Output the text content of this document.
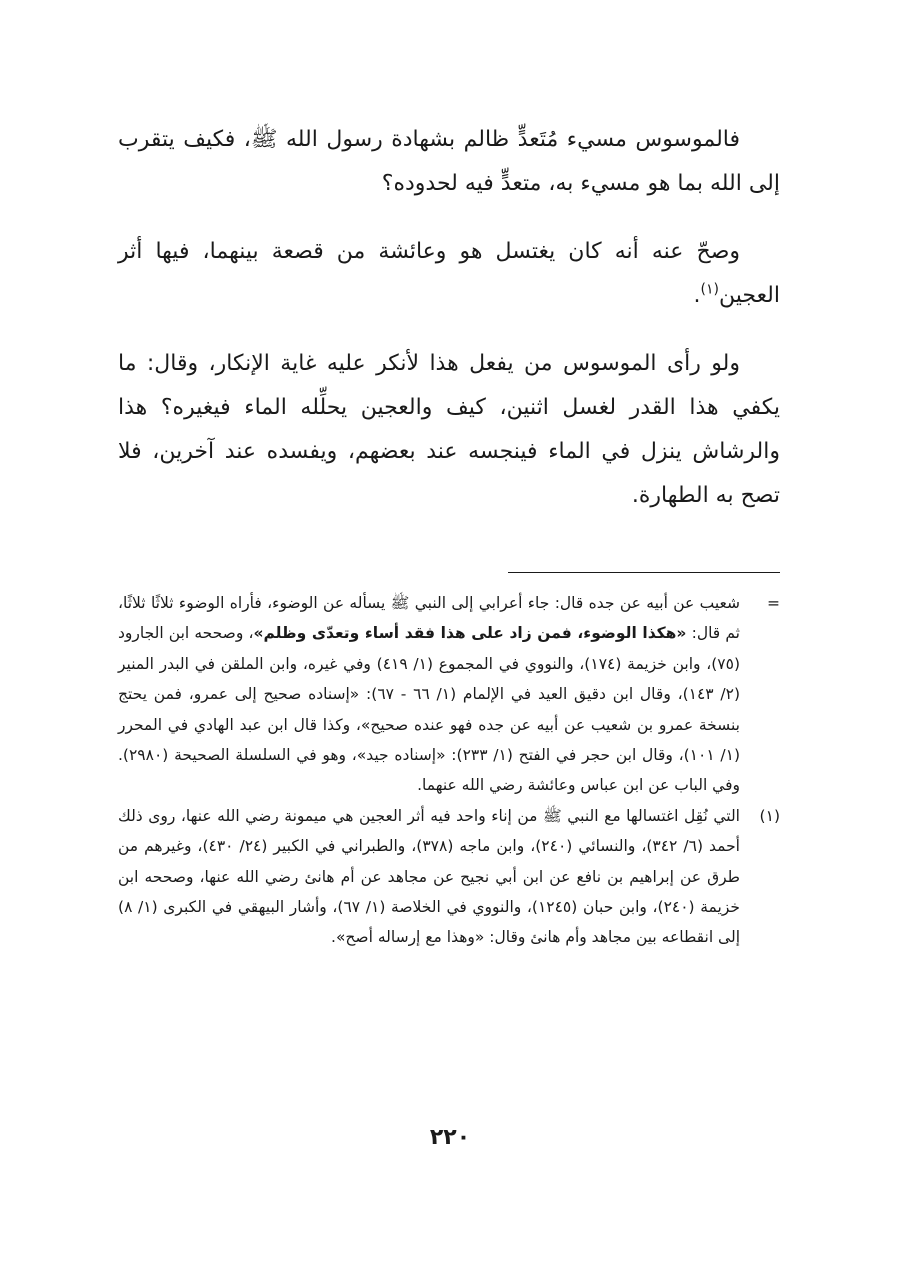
فالموسوس مسيء مُتَعدٍّ ظالم بشهادة رسول الله ﷺ، فكيف يتقرب إلى الله بما هو مسيء به، متعدٍّ فيه لحدوده؟

وصحّ عنه أنه كان يغتسل هو وعائشة من قصعة بينهما، فيها أثر العجين$^{(١)}$.

ولو رأى الموسوس من يفعل هذا لأنكر عليه غاية الإنكار، وقال: ما يكفي هذا القدر لغسل اثنين، كيف والعجين يحلِّله الماء فيغيره؟ هذا والرشاش ينزل في الماء فينجسه عند بعضهم، ويفسده عند آخرين، فلا تصح به الطهارة.

=
شعيب عن أبيه عن جده قال: جاء أعرابي إلى النبي ﷺ يسأله عن الوضوء، فأراه الوضوء ثلاثًا ثلاثًا، ثم قال: «هكذا الوضوء، فمن زاد على هذا فقد أساء وتعدّى وظلم»، وصححه ابن الجارود (٧٥)، وابن خزيمة (١٧٤)، والنووي في المجموع (١/ ٤١٩) وفي غيره، وابن الملقن في البدر المنير (٢/ ١٤٣)، وقال ابن دقيق العيد في الإلمام (١/ ٦٦ - ٦٧): «إسناده صحيح إلى عمرو، فمن يحتج بنسخة عمرو بن شعيب عن أبيه عن جده فهو عنده صحيح»، وكذا قال ابن عبد الهادي في المحرر (١/ ١٠١)، وقال ابن حجر في الفتح (١/ ٢٣٣): «إسناده جيد»، وهو في السلسلة الصحيحة (٢٩٨٠). وفي الباب عن ابن عباس وعائشة رضي الله عنهما.
(١)
التي نُقِل اغتسالها مع النبي ﷺ من إناء واحد فيه أثر العجين هي ميمونة رضي الله عنها، روى ذلك أحمد (٦/ ٣٤٢)، والنسائي (٢٤٠)، وابن ماجه (٣٧٨)، والطبراني في الكبير (٢٤/ ٤٣٠)، وغيرهم من طرق عن إبراهيم بن نافع عن ابن أبي نجيح عن مجاهد عن أم هانئ رضي الله عنها، وصححه ابن خزيمة (٢٤٠)، وابن حبان (١٢٤٥)، والنووي في الخلاصة (١/ ٦٧)، وأشار البيهقي في الكبرى (١/ ٨) إلى انقطاعه بين مجاهد وأم هانئ وقال: «وهذا مع إرساله أصح».
٢٢٠
